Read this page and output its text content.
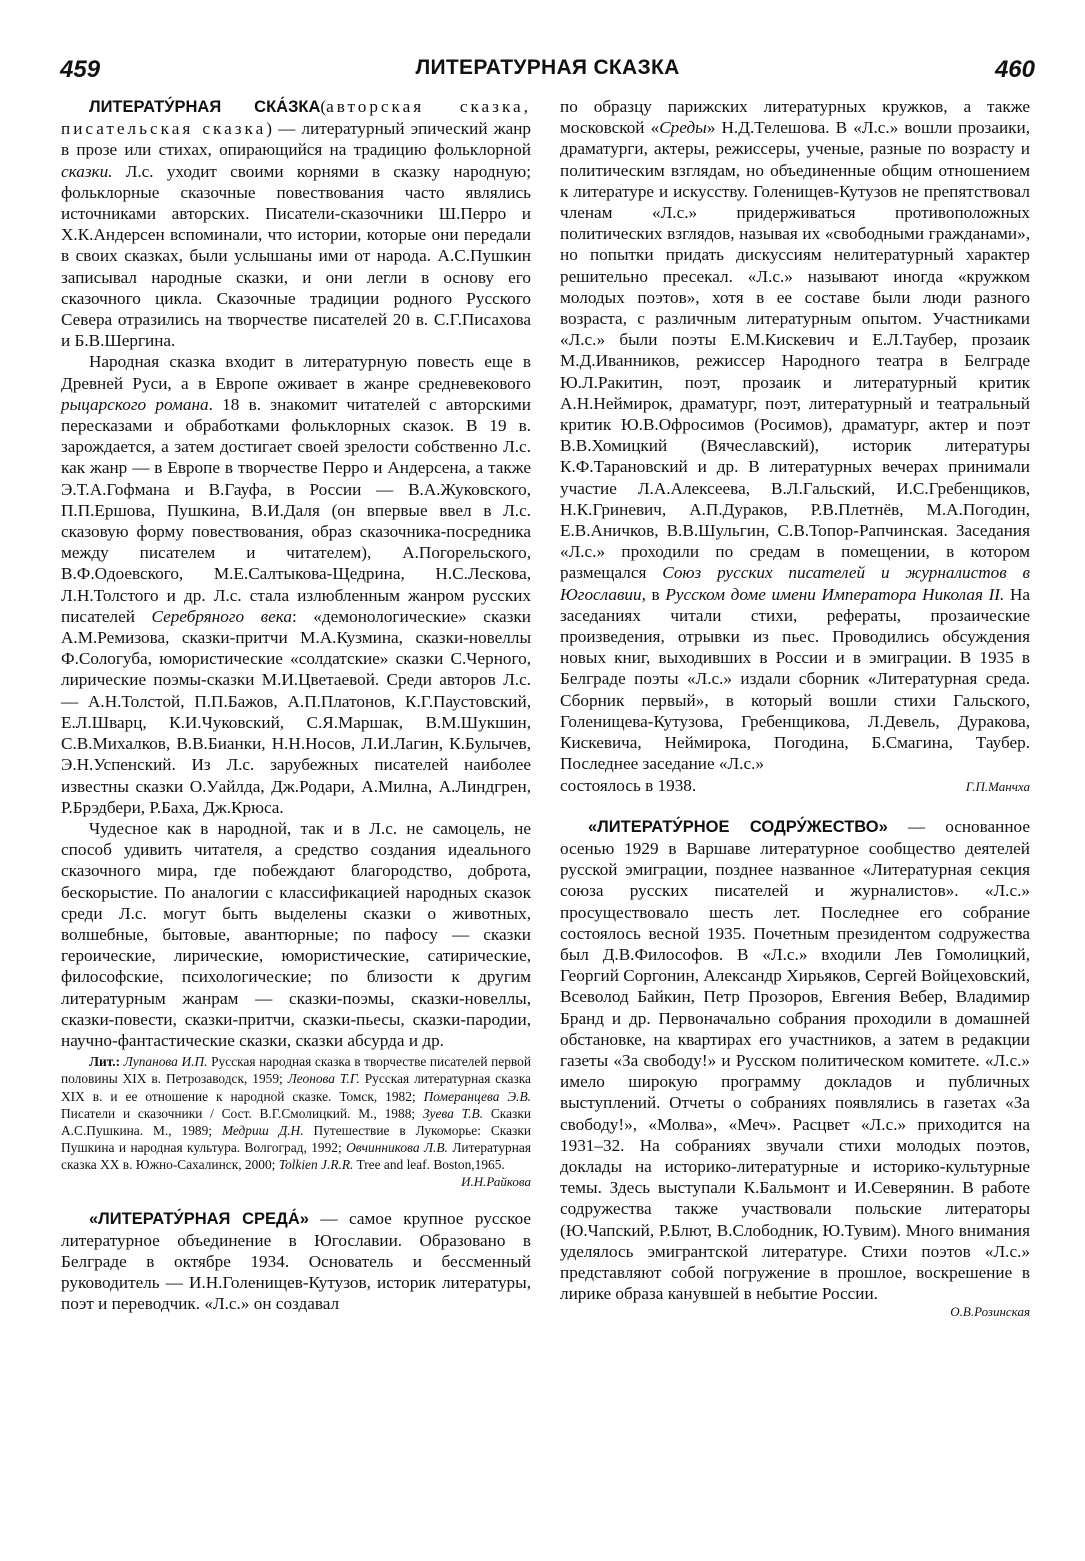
459	ЛИТЕРАТУРНАЯ СКАЗКА	460

ЛИТЕРАТУ́РНАЯ СКА́ЗКА(авторская сказка, писательская сказка) — литературный эпический жанр в прозе или стихах, опирающийся на традицию фольклорной сказки. Л.с. уходит своими корнями в сказку народную; фольклорные сказочные повествования часто являлись источниками авторских. Писатели-сказочники Ш.Перро и Х.К.Андерсен вспоминали, что истории, которые они передали в своих сказках, были услышаны ими от народа. А.С.Пушкин записывал народные сказки, и они легли в основу его сказочного цикла. Сказочные традиции родного Русского Севера отразились на творчестве писателей 20 в. С.Г.Писахова и Б.В.Шергина.

Народная сказка входит в литературную повесть еще в Древней Руси, а в Европе оживает в жанре средневекового рыцарского романа. 18 в. знакомит читателей с авторскими пересказами и обработками фольклорных сказок. В 19 в. зарождается, а затем достигает своей зрелости собственно Л.с. как жанр — в Европе в творчестве Перро и Андерсена, а также Э.Т.А.Гофмана и В.Гауфа, в России — В.А.Жуковского, П.П.Ершова, Пушкина, В.И.Даля (он впервые ввел в Л.с. сказовую форму повествования, образ сказочника-посредника между писателем и читателем), А.Погорельского, В.Ф.Одоевского, М.Е.Салтыкова-Щедрина, Н.С.Лескова, Л.Н.Толстого и др. Л.с. стала излюбленным жанром русских писателей Серебряного века: «демонологические» сказки А.М.Ремизова, сказки-притчи М.А.Кузмина, сказки-новеллы Ф.Сологуба, юмористические «солдатские» сказки С.Черного, лирические поэмы-сказки М.И.Цветаевой. Среди авторов Л.с. — А.Н.Толстой, П.П.Бажов, А.П.Платонов, К.Г.Паустовский, Е.Л.Шварц, К.И.Чуковский, С.Я.Маршак, В.М.Шукшин, С.В.Михалков, В.В.Бианки, Н.Н.Носов, Л.И.Лагин, К.Булычев, Э.Н.Успенский. Из Л.с. зарубежных писателей наиболее известны сказки О.Уайлда, Дж.Родари, А.Милна, А.Линдгрен, Р.Брэдбери, Р.Баха, Дж.Крюса.

Чудесное как в народной, так и в Л.с. не самоцель, не способ удивить читателя, а средство создания идеального сказочного мира, где побеждают благородство, доброта, бескорыстие. По аналогии с классификацией народных сказок среди Л.с. могут быть выделены сказки о животных, волшебные, бытовые, авантюрные; по пафосу — сказки героические, лирические, юмористические, сатирические, философские, психологические; по близости к другим литературным жанрам — сказки-поэмы, сказки-новеллы, сказки-повести, сказки-притчи, сказки-пьесы, сказки-пародии, научно-фантастические сказки, сказки абсурда и др.

Лит.: Лупанова И.П. Русская народная сказка в творчестве писателей первой половины XIX в. Петрозаводск, 1959; Леонова Т.Г. Русская литературная сказка XIX в. и ее отношение к народной сказке. Томск, 1982; Померанцева Э.В. Писатели и сказочники / Сост. В.Г.Смолицкий. М., 1988; Зуева Т.В. Сказки А.С.Пушкина. М., 1989; Медриш Д.Н. Путешествие в Лукоморье: Сказки Пушкина и народная культура. Волгоград, 1992; Овчинникова Л.В. Литературная сказка XX в. Южно-Сахалинск, 2000; Tolkien J.R.R. Tree and leaf. Boston,1965.

И.Н.Райкова

«ЛИТЕРАТУ́РНАЯ СРЕДА́» — самое крупное русское литературное объединение в Югославии. Образовано в Белграде в октябре 1934. Основатель и бессменный руководитель — И.Н.Голенищев-Кутузов, историк литературы, поэт и переводчик. «Л.с.» он создавал

по образцу парижских литературных кружков, а также московской «Среды» Н.Д.Телешова. В «Л.с.» вошли прозаики, драматурги, актеры, режиссеры, ученые, разные по возрасту и политическим взглядам, но объединенные общим отношением к литературе и искусству. Голенищев-Кутузов не препятствовал членам «Л.с.» придерживаться противоположных политических взглядов, называя их «свободными гражданами», но попытки придать дискуссиям нелитературный характер решительно пресекал. «Л.с.» называют иногда «кружком молодых поэтов», хотя в ее составе были люди разного возраста, с различным литературным опытом. Участниками «Л.с.» были поэты Е.М.Кискевич и Е.Л.Таубер, прозаик М.Д.Иванников, режиссер Народного театра в Белграде Ю.Л.Ракитин, поэт, прозаик и литературный критик А.Н.Неймирок, драматург, поэт, литературный и театральный критик Ю.В.Офросимов (Росимов), драматург, актер и поэт В.В.Хомицкий (Вячеславский), историк литературы К.Ф.Тарановский и др. В литературных вечерах принимали участие Л.А.Алексеева, В.Л.Гальский, И.С.Гребенщиков, Н.К.Гриневич, А.П.Дураков, Р.В.Плетнёв, М.А.Погодин, Е.В.Аничков, В.В.Шульгин, С.В.Топор-Рапчинская. Заседания «Л.с.» проходили по средам в помещении, в котором размещался Союз русских писателей и журналистов в Югославии, в Русском доме имени Императора Николая II. На заседаниях читали стихи, рефераты, прозаические произведения, отрывки из пьес. Проводились обсуждения новых книг, выходивших в России и в эмиграции. В 1935 в Белграде поэты «Л.с.» издали сборник «Литературная среда. Сборник первый», в который вошли стихи Гальского, Голенищева-Кутузова, Гребенщикова, Л.Девель, Дуракова, Кискевича, Неймирока, Погодина, Б.Смагина, Таубер. Последнее заседание «Л.с.»

состоялось в 1938.	Г.П.Манчха

«ЛИТЕРАТУ́РНОЕ СОДРУ́ЖЕСТВО» — основанное осенью 1929 в Варшаве литературное сообщество деятелей русской эмиграции, позднее названное «Литературная секция союза русских писателей и журналистов». «Л.с.» просуществовало шесть лет. Последнее его собрание состоялось весной 1935. Почетным президентом содружества был Д.В.Философов. В «Л.с.» входили Лев Гомолицкий, Георгий Соргонин, Александр Хирьяков, Сергей Войцеховский, Всеволод Байкин, Петр Прозоров, Евгения Вебер, Владимир Бранд и др. Первоначально собрания проходили в домашней обстановке, на квартирах его участников, а затем в редакции газеты «За свободу!» и Русском политическом комитете. «Л.с.» имело широкую программу докладов и публичных выступлений. Отчеты о собраниях появлялись в газетах «За свободу!», «Молва», «Меч». Расцвет «Л.с.» приходится на 1931–32. На собраниях звучали стихи молодых поэтов, доклады на историко-литературные и историко-культурные темы. Здесь выступали К.Бальмонт и И.Северянин. В работе содружества также участвовали польские литераторы (Ю.Чапский, Р.Блют, В.Слободник, Ю.Тувим). Много внимания уделялось эмигрантской литературе. Стихи поэтов «Л.с.» представляют собой погружение в прошлое, воскрешение в лирике образа канувшей в небытие России.

О.В.Розинская
